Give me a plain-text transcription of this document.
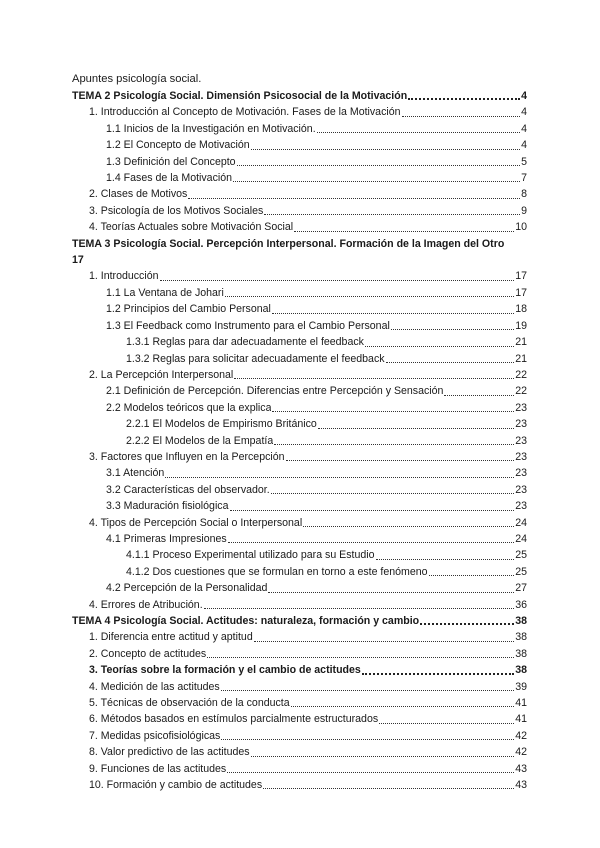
Apuntes psicología social.
TEMA 2 Psicología Social. Dimensión Psicosocial de la Motivación	4
1. Introducción al Concepto de Motivación. Fases de la Motivación	4
1.1 Inicios de la Investigación en Motivación.	4
1.2 El Concepto de Motivación	4
1.3 Definición del Concepto	5
1.4 Fases de la Motivación	7
2. Clases de Motivos	8
3. Psicología de los Motivos Sociales	9
4. Teorías Actuales sobre Motivación Social	10
TEMA 3 Psicología Social. Percepción Interpersonal. Formación de la Imagen del Otro
17
1. Introducción	17
1.1 La Ventana de Johari	17
1.2 Principios del Cambio Personal	18
1.3 El Feedback como Instrumento para el Cambio Personal	19
1.3.1 Reglas para dar adecuadamente el feedback	21
1.3.2 Reglas para solicitar adecuadamente el feedback	21
2. La Percepción Interpersonal	22
2.1 Definición de Percepción. Diferencias entre Percepción y Sensación	22
2.2 Modelos teóricos que la explica	23
2.2.1 El Modelos de Empirismo Británico	23
2.2.2 El Modelos de la Empatía	23
3. Factores que Influyen en la Percepción	23
3.1 Atención	23
3.2 Características del observador.	23
3.3 Maduración fisiológica	23
4. Tipos de Percepción Social o Interpersonal	24
4.1 Primeras Impresiones	24
4.1.1 Proceso Experimental utilizado para su Estudio	25
4.1.2 Dos cuestiones que se formulan en torno a este fenómeno	25
4.2 Percepción de la Personalidad	27
4. Errores de Atribución.	36
TEMA 4 Psicología Social. Actitudes: naturaleza, formación y cambio	38
1. Diferencia entre actitud y aptitud	38
2. Concepto de actitudes	38
3. Teorías sobre la formación y el cambio de actitudes	38
4. Medición de las actitudes	39
5. Técnicas de observación de la conducta	41
6. Métodos basados en estímulos parcialmente estructurados	41
7. Medidas psicofisiológicas	42
8. Valor predictivo de las actitudes	42
9. Funciones de las actitudes	43
10. Formación y cambio de actitudes	43
